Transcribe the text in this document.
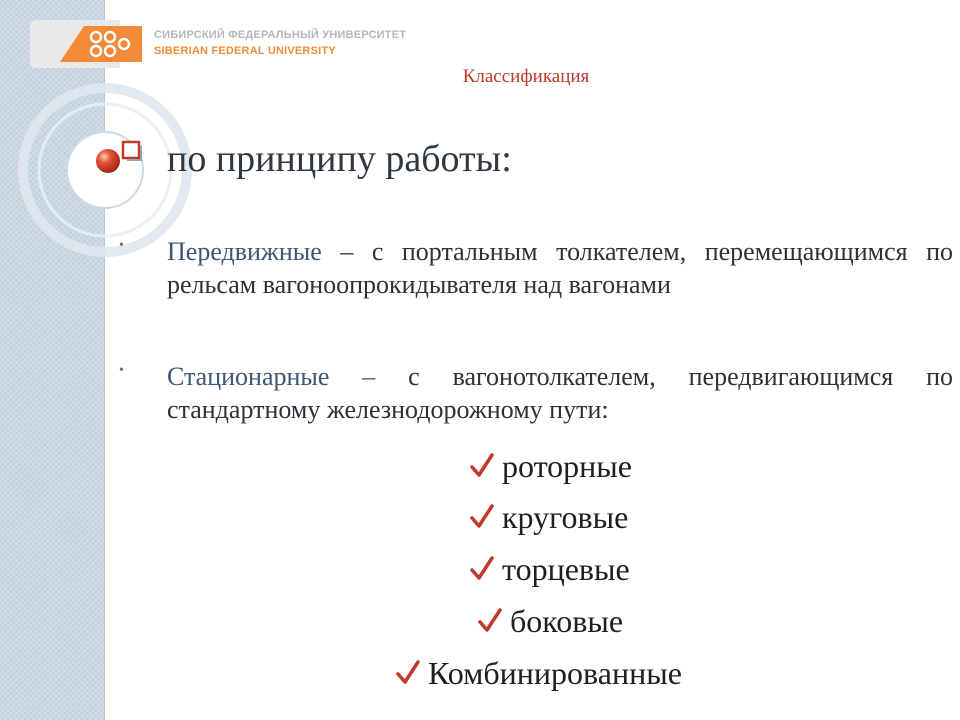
СИБИРСКИЙ ФЕДЕРАЛЬНЫЙ УНИВЕРСИТЕТ
SIBERIAN FEDERAL UNIVERSITY
Классификация
по принципу работы:
• Передвижные – с портальным толкателем, перемещающимся по рельсам вагоноопрокидывателя над вагонами
• Стационарные – с вагонотолкателем, передвигающимся по стандартному железнодорожному пути:
роторные
круговые
торцевые
боковые
Комбинированные
